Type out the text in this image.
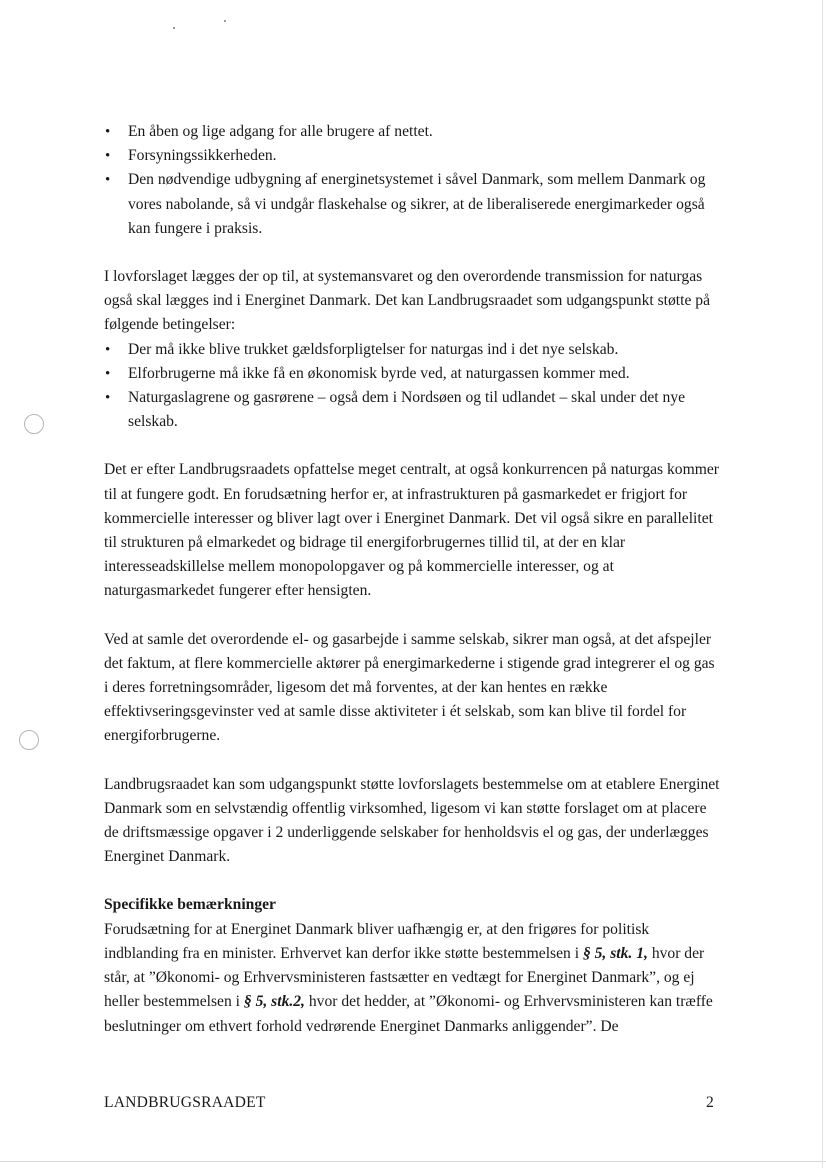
• En åben og lige adgang for alle brugere af nettet.
• Forsyningssikkerheden.
• Den nødvendige udbygning af energinetsystemet i såvel Danmark, som mellem Danmark og vores nabolande, så vi undgår flaskehalse og sikrer, at de liberaliserede energimarkeder også kan fungere i praksis.

I lovforslaget lægges der op til, at systemansvaret og den overordende transmission for naturgas også skal lægges ind i Energinet Danmark. Det kan Landbrugsraadet som udgangspunkt støtte på følgende betingelser:

• Der må ikke blive trukket gældsforpligtelser for naturgas ind i det nye selskab.
• Elforbrugerne må ikke få en økonomisk byrde ved, at naturgassen kommer med.
• Naturgaslagrene og gasrørene – også dem i Nordsøen og til udlandet – skal under det nye selskab.

Det er efter Landbrugsraadets opfattelse meget centralt, at også konkurrencen på naturgas kommer til at fungere godt. En forudsætning herfor er, at infrastrukturen på gasmarkedet er frigjort for kommercielle interesser og bliver lagt over i Energinet Danmark. Det vil også sikre en parallelitet til strukturen på elmarkedet og bidrage til energiforbrugernes tillid til, at der en klar interesseadskillelse mellem monopolopgaver og på kommercielle interesser, og at naturgasmarkedet fungerer efter hensigten.

Ved at samle det overordende el- og gasarbejde i samme selskab, sikrer man også, at det afspejler det faktum, at flere kommercielle aktører på energimarkederne i stigende grad integrerer el og gas i deres forretningsområder, ligesom det må forventes, at der kan hentes en række effektivseringsgevinster ved at samle disse aktiviteter i ét selskab, som kan blive til fordel for energiforbrugerne.

Landbrugsraadet kan som udgangspunkt støtte lovforslagets bestemmelse om at etablere Energinet Danmark som en selvstændig offentlig virksomhed, ligesom vi kan støtte forslaget om at placere de driftsmæssige opgaver i 2 underliggende selskaber for henholdsvis el og gas, der underlægges Energinet Danmark.

Specifikke bemærkninger

Forudsætning for at Energinet Danmark bliver uafhængig er, at den frigøres for politisk indblanding fra en minister. Erhvervet kan derfor ikke støtte bestemmelsen i § 5, stk. 1, hvor der står, at ”Økonomi- og Erhvervsministeren fastsætter en vedtægt for Energinet Danmark”, og ej heller bestemmelsen i § 5, stk.2, hvor det hedder, at ”Økonomi- og Erhvervsministeren kan træffe beslutninger om ethvert forhold vedrørende Energinet Danmarks anliggender”. De

LANDBRUGSRAADET	2
